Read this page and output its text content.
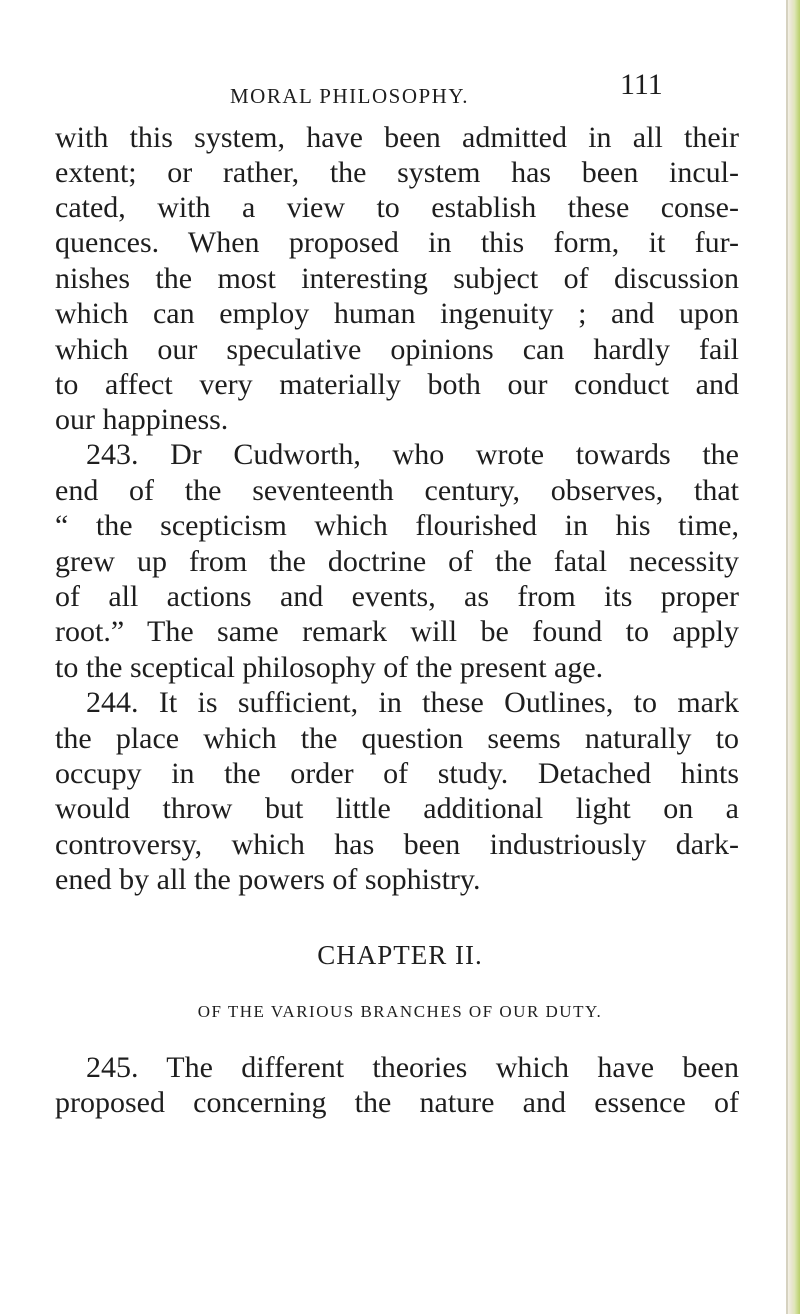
MORAL PHILOSOPHY.	111
with this system, have been admitted in all their
extent; or rather, the system has been incul-
cated, with a view to establish these conse-
quences. When proposed in this form, it fur-
nishes the most interesting subject of discussion
which can employ human ingenuity ; and upon
which our speculative opinions can hardly fail
to affect very materially both our conduct and
our happiness.
243. Dr Cudworth, who wrote towards the
end of the seventeenth century, observes, that
“ the scepticism which flourished in his time,
grew up from the doctrine of the fatal necessity
of all actions and events, as from its proper
root.” The same remark will be found to apply
to the sceptical philosophy of the present age.
244. It is sufficient, in these Outlines, to mark
the place which the question seems naturally to
occupy in the order of study. Detached hints
would throw but little additional light on a
controversy, which has been industriously dark-
ened by all the powers of sophistry.
CHAPTER II.
OF THE VARIOUS BRANCHES OF OUR DUTY.
245. The different theories which have been
proposed concerning the nature and essence of
